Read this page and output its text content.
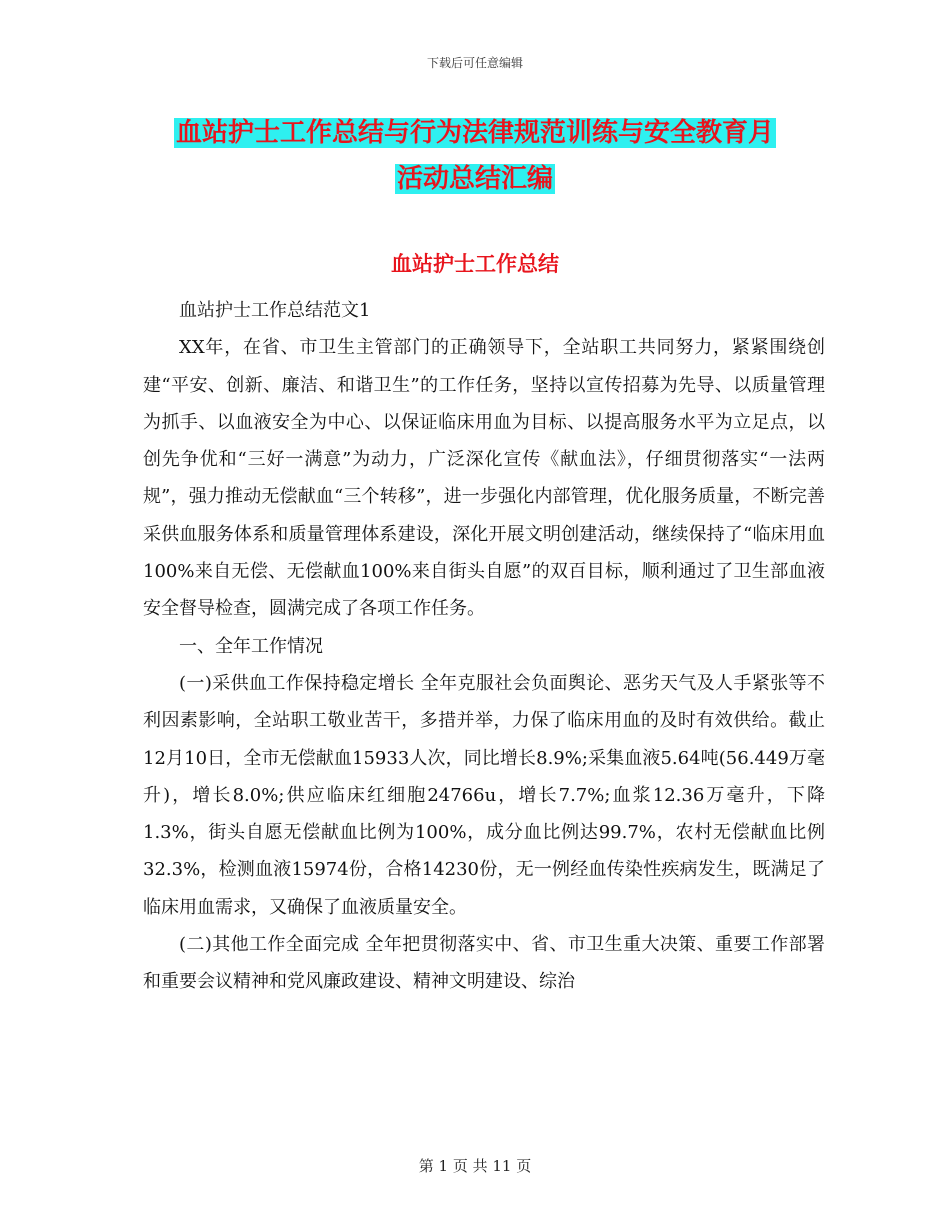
下载后可任意编辑
血站护士工作总结与行为法律规范训练与安全教育月
活动总结汇编
血站护士工作总结

血站护士工作总结范文1

XX年，在省、市卫生主管部门的正确领导下，全站职工共同努力，紧紧围绕创建“平安、创新、廉洁、和谐卫生”的工作任务，坚持以宣传招募为先导、以质量管理为抓手、以血液安全为中心、以保证临床用血为目标、以提高服务水平为立足点，以创先争优和“三好一满意”为动力，广泛深化宣传《献血法》，仔细贯彻落实“一法两规”，强力推动无偿献血“三个转移”，进一步强化内部管理，优化服务质量，不断完善采供血服务体系和质量管理体系建设，深化开展文明创建活动，继续保持了“临床用血100%来自无偿、无偿献血100%来自街头自愿”的双百目标，顺利通过了卫生部血液安全督导检查，圆满完成了各项工作任务。

一、全年工作情况

(一)采供血工作保持稳定增长 全年克服社会负面舆论、恶劣天气及人手紧张等不利因素影响，全站职工敬业苦干，多措并举，力保了临床用血的及时有效供给。截止12月10日，全市无偿献血15933人次，同比增长8.9%;采集血液5.64吨(56.449万毫升)，增长8.0%;供应临床红细胞24766u，增长7.7%;血浆12.36万毫升，下降1.3%，街头自愿无偿献血比例为100%，成分血比例达99.7%，农村无偿献血比例32.3%，检测血液15974份，合格14230份，无一例经血传染性疾病发生，既满足了临床用血需求，又确保了血液质量安全。

(二)其他工作全面完成 全年把贯彻落实中、省、市卫生重大决策、重要工作部署和重要会议精神和党风廉政建设、精神文明建设、综治

第 1 页 共 11 页
